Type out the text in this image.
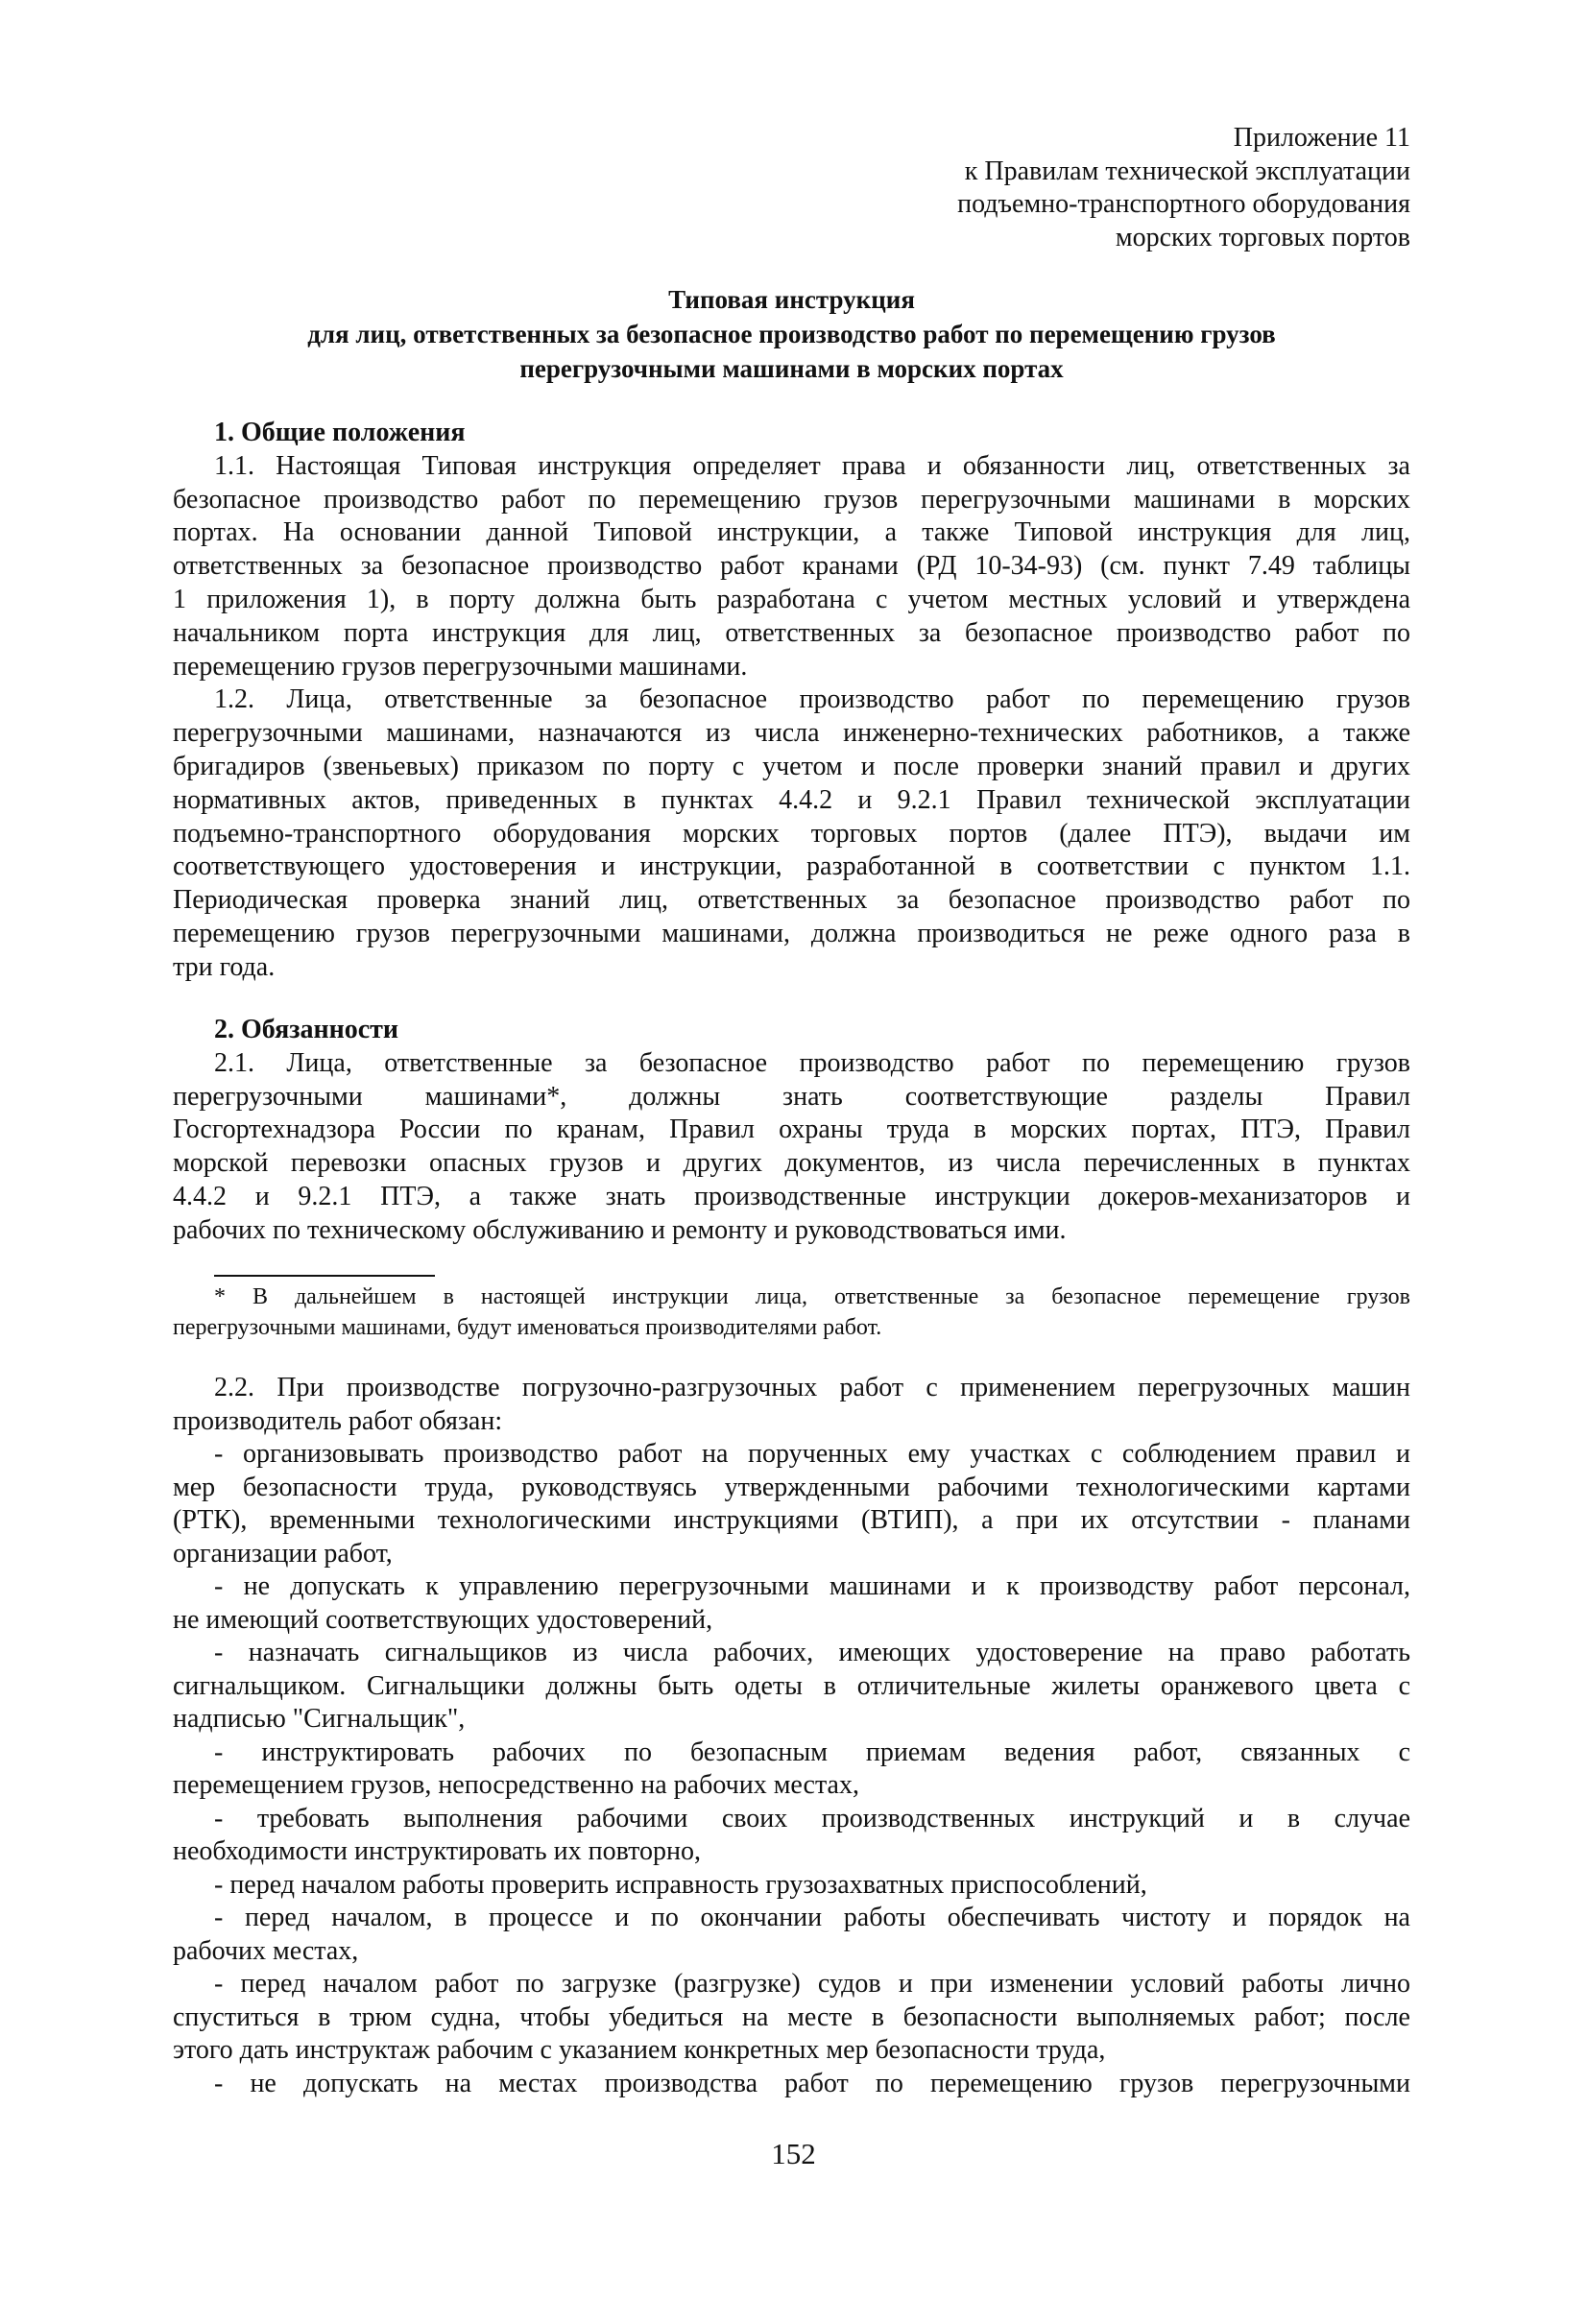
Приложение 11
к Правилам технической эксплуатации
подъемно-транспортного оборудования
морских торговых портов
Типовая инструкция
для лиц, ответственных за безопасное производство работ по перемещению грузов
перегрузочными машинами в морских портах
1. Общие положения
1.1. Настоящая Типовая инструкция определяет права и обязанности лиц, ответственных за
безопасное производство работ по перемещению грузов перегрузочными машинами в морских
портах. На основании данной Типовой инструкции, а также Типовой инструкция для лиц,
ответственных за безопасное производство работ кранами (РД 10-34-93) (см. пункт 7.49 таблицы
1 приложения 1), в порту должна быть разработана с учетом местных условий и утверждена
начальником порта инструкция для лиц, ответственных за безопасное производство работ по
перемещению грузов перегрузочными машинами.
1.2. Лица, ответственные за безопасное производство работ по перемещению грузов
перегрузочными машинами, назначаются из числа инженерно-технических работников, а также
бригадиров (звеньевых) приказом по порту с учетом и после проверки знаний правил и других
нормативных актов, приведенных в пунктах 4.4.2 и 9.2.1 Правил технической эксплуатации
подъемно-транспортного оборудования морских торговых портов (далее ПТЭ), выдачи им
соответствующего удостоверения и инструкции, разработанной в соответствии с пунктом 1.1.
Периодическая проверка знаний лиц, ответственных за безопасное производство работ по
перемещению грузов перегрузочными машинами, должна производиться не реже одного раза в
три года.
2. Обязанности
2.1. Лица, ответственные за безопасное производство работ по перемещению грузов
перегрузочными машинами*, должны знать соответствующие разделы Правил
Госгортехнадзора России по кранам, Правил охраны труда в морских портах, ПТЭ, Правил
морской перевозки опасных грузов и других документов, из числа перечисленных в пунктах
4.4.2 и 9.2.1 ПТЭ, а также знать производственные инструкции докеров-механизаторов и
рабочих по техническому обслуживанию и ремонту и руководствоваться ими.
* В дальнейшем в настоящей инструкции лица, ответственные за безопасное перемещение грузов
перегрузочными машинами, будут именоваться производителями работ.
2.2. При производстве погрузочно-разгрузочных работ с применением перегрузочных машин
производитель работ обязан:
- организовывать производство работ на порученных ему участках с соблюдением правил и
мер безопасности труда, руководствуясь утвержденными рабочими технологическими картами
(РТК), временными технологическими инструкциями (ВТИП), а при их отсутствии - планами
организации работ,
- не допускать к управлению перегрузочными машинами и к производству работ персонал,
не имеющий соответствующих удостоверений,
- назначать сигнальщиков из числа рабочих, имеющих удостоверение на право работать
сигнальщиком. Сигнальщики должны быть одеты в отличительные жилеты оранжевого цвета с
надписью "Сигнальщик",
- инструктировать рабочих по безопасным приемам ведения работ, связанных с
перемещением грузов, непосредственно на рабочих местах,
- требовать выполнения рабочими своих производственных инструкций и в случае
необходимости инструктировать их повторно,
- перед началом работы проверить исправность грузозахватных приспособлений,
- перед началом, в процессе и по окончании работы обеспечивать чистоту и порядок на
рабочих местах,
- перед началом работ по загрузке (разгрузке) судов и при изменении условий работы лично
спуститься в трюм судна, чтобы убедиться на месте в безопасности выполняемых работ; после
этого дать инструктаж рабочим с указанием конкретных мер безопасности труда,
- не допускать на местах производства работ по перемещению грузов перегрузочными
152
